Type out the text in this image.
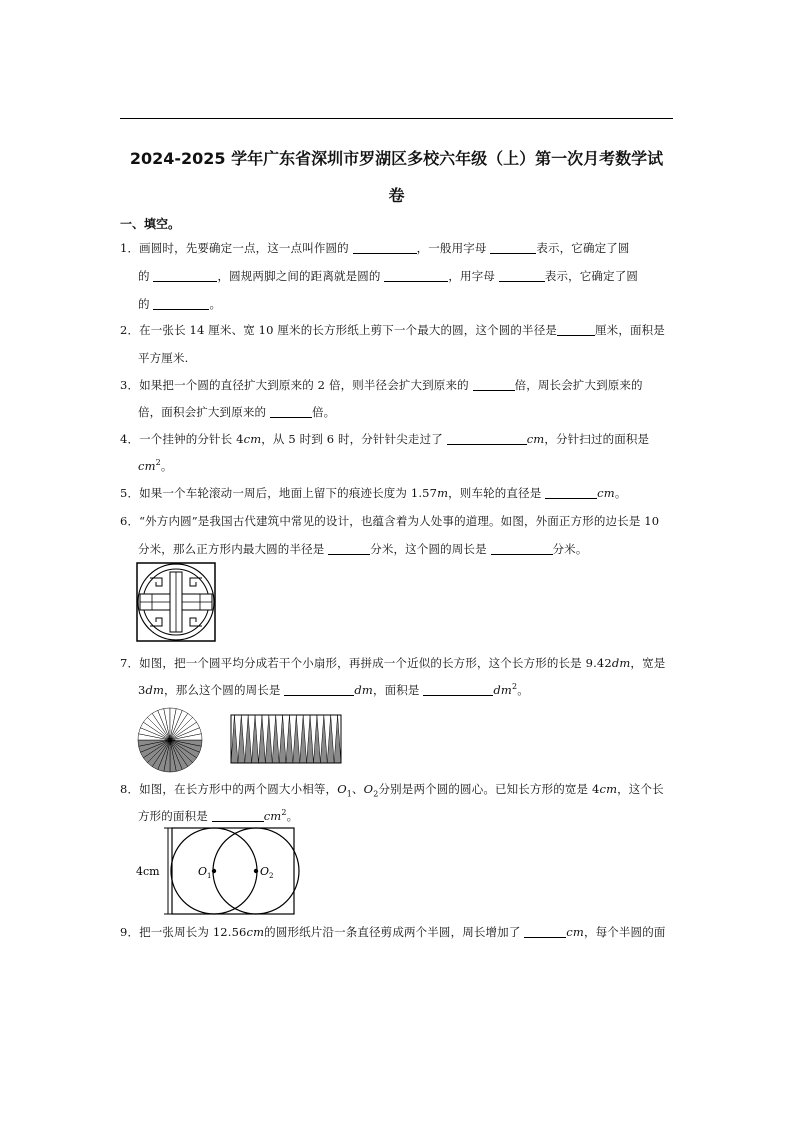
2024-2025 学年广东省深圳市罗湖区多校六年级（上）第一次月考数学试
卷
一、填空。
1．画圆时，先要确定一点，这一点叫作圆的	，一般用字母	表示，它确定了圆
的	，圆规两脚之间的距离就是圆的	，用字母	表示，它确定了圆
的	。
2．在一张长 14 厘米、宽 10 厘米的长方形纸上剪下一个最大的圆，这个圆的半径是	厘米，面积是
平方厘米.
3．如果把一个圆的直径扩大到原来的 2 倍，则半径会扩大到原来的	倍，周长会扩大到原来的
倍，面积会扩大到原来的	倍。
4．一个挂钟的分针长 4cm，从 5 时到 6 时，分针针尖走过了	cm，分针扫过的面积是
$cm^2$。
5．如果一个车轮滚动一周后，地面上留下的痕迹长度为 1.57m，则车轮的直径是	cm。
6．“外方内圆”是我国古代建筑中常见的设计，也蕴含着为人处事的道理。如图，外面正方形的边长是 10
分米，那么正方形内最大圆的半径是	分米，这个圆的周长是	分米。
7．如图，把一个圆平均分成若干个小扇形，再拼成一个近似的长方形，这个长方形的长是 9.42dm，宽是
3dm，那么这个圆的周长是	dm，面积是	$dm^2$。
8．如图，在长方形中的两个圆大小相等，$O_1$、$O_2$分别是两个圆的圆心。已知长方形的宽是 4cm，这个长
方形的面积是	$cm^2$。
4cm	$O_1$	$O_2$
9．把一张周长为 12.56cm的圆形纸片沿一条直径剪成两个半圆，周长增加了	cm，每个半圆的面
